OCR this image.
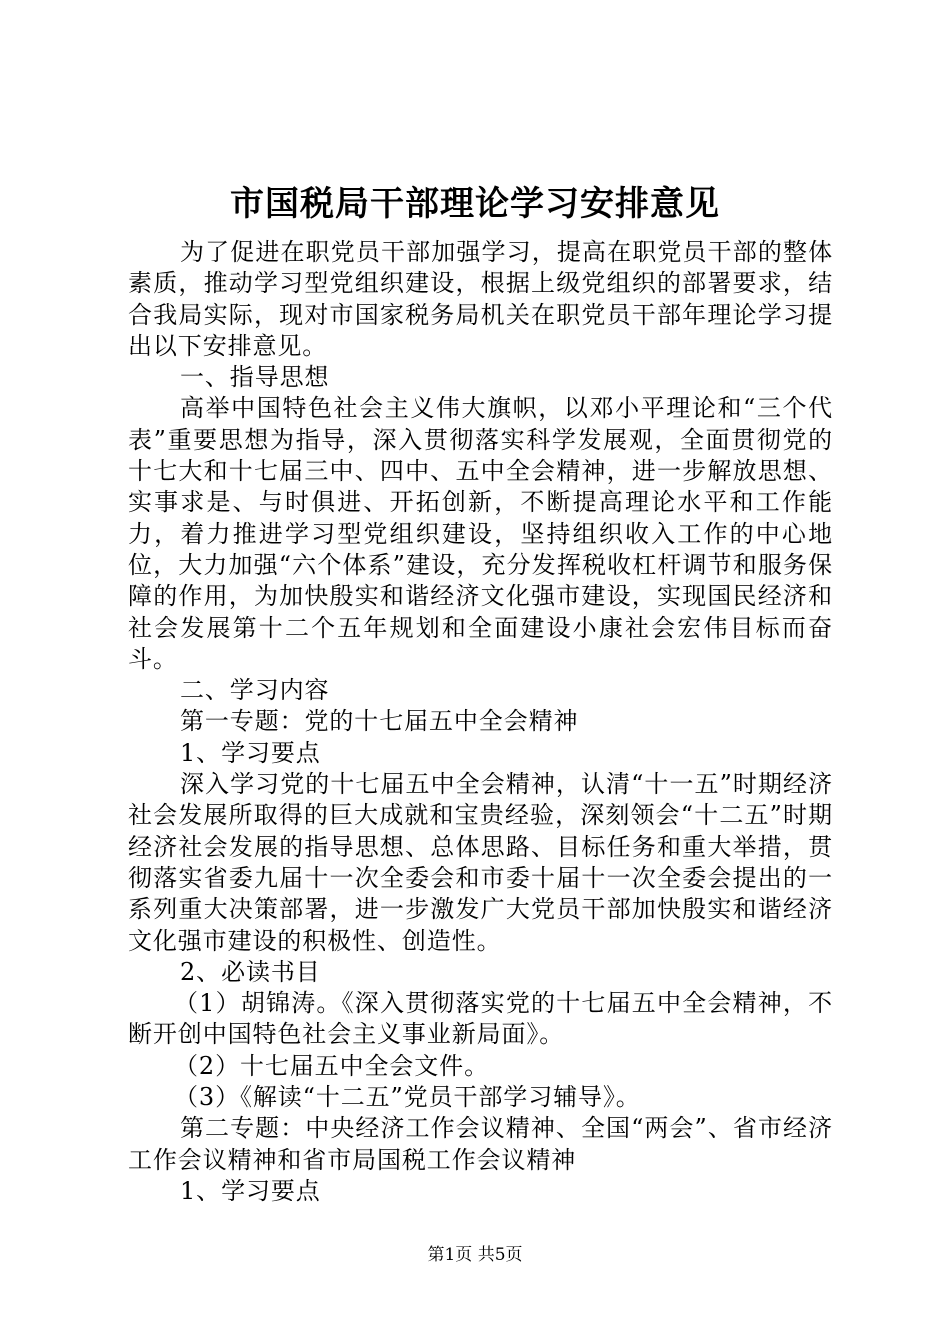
市国税局干部理论学习安排意见

为了促进在职党员干部加强学习，提高在职党员干部的整体素质，推动学习型党组织建设，根据上级党组织的部署要求，结合我局实际，现对市国家税务局机关在职党员干部年理论学习提出以下安排意见。

一、指导思想

高举中国特色社会主义伟大旗帜，以邓小平理论和“三个代表”重要思想为指导，深入贯彻落实科学发展观，全面贯彻党的十七大和十七届三中、四中、五中全会精神，进一步解放思想、实事求是、与时俱进、开拓创新，不断提高理论水平和工作能力，着力推进学习型党组织建设，坚持组织收入工作的中心地位，大力加强“六个体系”建设，充分发挥税收杠杆调节和服务保障的作用，为加快殷实和谐经济文化强市建设，实现国民经济和社会发展第十二个五年规划和全面建设小康社会宏伟目标而奋斗。

二、学习内容

第一专题：党的十七届五中全会精神

1、学习要点

深入学习党的十七届五中全会精神，认清“十一五”时期经济社会发展所取得的巨大成就和宝贵经验，深刻领会“十二五”时期经济社会发展的指导思想、总体思路、目标任务和重大举措，贯彻落实省委九届十一次全委会和市委十届十一次全委会提出的一系列重大决策部署，进一步激发广大党员干部加快殷实和谐经济文化强市建设的积极性、创造性。

2、必读书目

（1）胡锦涛。《深入贯彻落实党的十七届五中全会精神，不断开创中国特色社会主义事业新局面》。

（2）十七届五中全会文件。

（3）《解读“十二五”党员干部学习辅导》。

第二专题：中央经济工作会议精神、全国“两会”、省市经济工作会议精神和省市局国税工作会议精神

1、学习要点

第1页 共5页
